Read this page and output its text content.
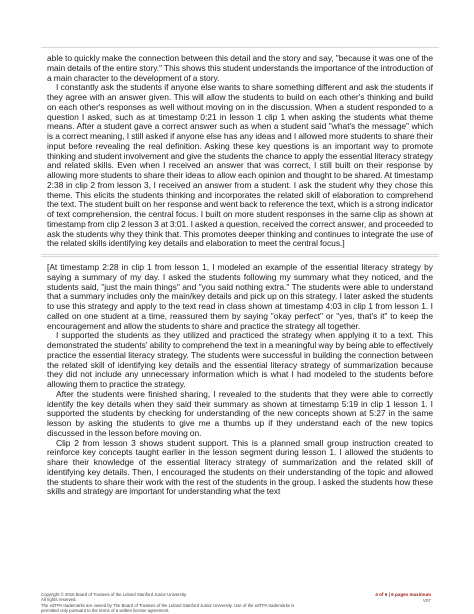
able to quickly make the connection between this detail and the story and say, "because it was one of the main details of the entire story." This shows this student understands the importance of the introduction of a main character to the development of a story.

I constantly ask the students if anyone else wants to share something different and ask the students if they agree with an answer given. This will allow the students to build on each other's thinking and build on each other's responses as well without moving on in the discussion. When a student responded to a question I asked, such as at timestamp 0:21 in lesson 1 clip 1 when asking the students what theme means. After a student gave a correct answer such as when a student said "what's the message" which is a correct meaning, I still asked if anyone else has any ideas and I allowed more students to share their input before revealing the real definition. Asking these key questions is an important way to promote thinking and student involvement and give the students the chance to apply the essential literacy strategy and related skills. Even when I received an answer that was correct, I still built on their response by allowing more students to share their ideas to allow each opinion and thought to be shared. At timestamp 2:38 in clip 2 from lesson 3, I received an answer from a student. I ask the student why they chose this theme. This elicits the students thinking and incorporates the related skill of elaboration to comprehend the text. The student built on her response and went back to reference the text, which is a strong indicator of text comprehension, the central focus. I built on more student responses in the same clip as shown at timestamp from clip 2 lesson 3 at 3:01. I asked a question, received the correct answer, and proceeded to ask the students why they think that. This promotes deeper thinking and continues to integrate the use of the related skills identifying key details and elaboration to meet the central focus.]

[At timestamp 2:28 in clip 1 from lesson 1, I modeled an example of the essential literacy strategy by saying a summary of my day. I asked the students following my summary what they noticed, and the students said, "just the main things" and "you said nothing extra." The students were able to understand that a summary includes only the main/key details and pick up on this strategy. I later asked the students to use this strategy and apply to the text read in class shown at timestamp 4:03 in clip 1 from lesson 1. I called on one student at a time, reassured them by saying "okay perfect" or "yes, that's it" to keep the encouragement and allow the students to share and practice the strategy all together.

I supported the students as they utilized and practiced the strategy when applying it to a text. This demonstrated the students' ability to comprehend the text in a meaningful way by being able to effectively practice the essential literacy strategy. The students were successful in building the connection between the related skill of identifying key details and the essential literacy strategy of summarization because they did not include any unnecessary information which is what I had modeled to the students before allowing them to practice the strategy.

After the students were finished sharing, I revealed to the students that they were able to correctly identify the key details when they said their summary as shown at timestamp 5:19 in clip 1 lesson 1. I supported the students by checking for understanding of the new concepts shown at 5:27 in the same lesson by asking the students to give me a thumbs up if they understand each of the new topics discussed in the lesson before moving on.

Clip 2 from lesson 3 shows student support. This is a planned small group instruction created to reinforce key concepts taught earlier in the lesson segment during lesson 1. I allowed the students to share their knowledge of the essential literacy strategy of summarization and the related skill of identifying key details. Then, I encouraged the students on their understanding of the topic and allowed the students to share their work with the rest of the students in the group. I asked the students how these skills and strategy are important for understanding what the text

Copyright © 2016 Board of Trustees of the Leland Stanford Junior University.
All rights reserved.
The edTPA trademarks are owned by The Board of Trustees of the Leland Stanford Junior University. Use of the edTPA trademarks is
permitted only pursuant to the terms of a written license agreement.
4 of 6 | 6 pages maximum
V07
